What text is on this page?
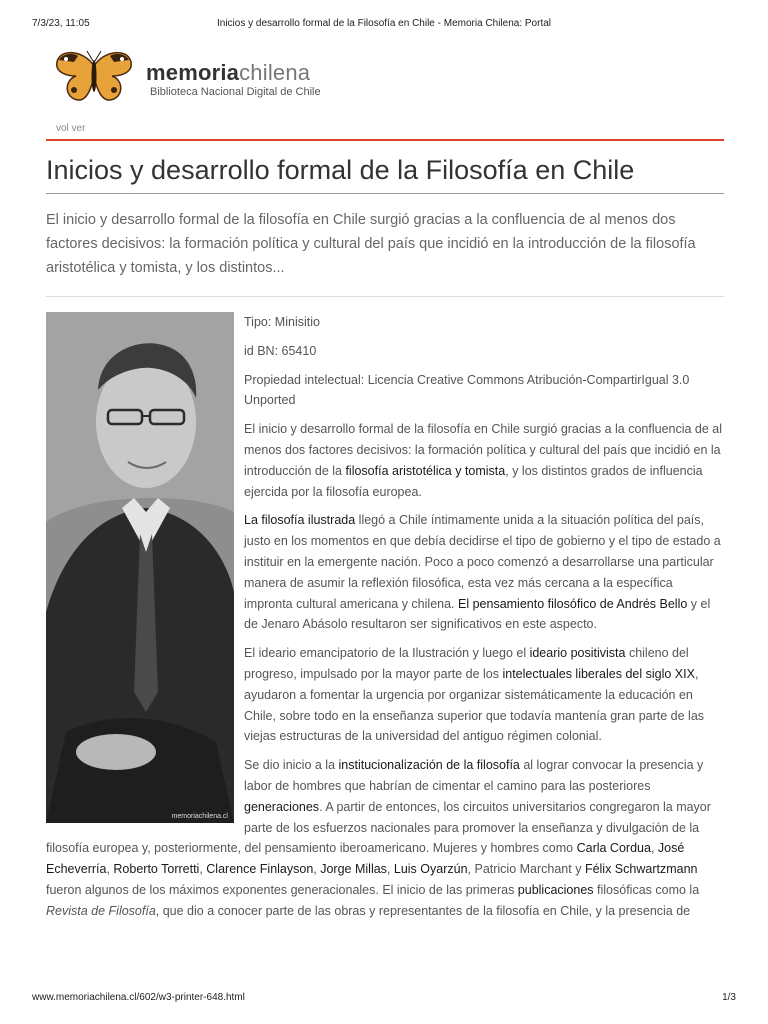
7/3/23, 11:05	Inicios y desarrollo formal de la Filosofía en Chile - Memoria Chilena: Portal
memoriachilena
Biblioteca Nacional Digital de Chile
vol ver
Inicios y desarrollo formal de la Filosofía en Chile

El inicio y desarrollo formal de la filosofía en Chile surgió gracias a la confluencia de al menos dos factores decisivos: la formación política y cultural del país que incidió en la introducción de la filosofía aristotélica y tomista, y los distintos...

memoriachilena.cl

Tipo: Minisitio

id BN: 65410

Propiedad intelectual: Licencia Creative Commons Atribución-CompartirIgual 3.0 Unported

El inicio y desarrollo formal de la filosofía en Chile surgió gracias a la confluencia de al menos dos factores decisivos: la formación política y cultural del país que incidió en la introducción de la filosofía aristotélica y tomista, y los distintos grados de influencia ejercida por la filosofía europea.

La filosofía ilustrada llegó a Chile íntimamente unida a la situación política del país, justo en los momentos en que debía decidirse el tipo de gobierno y el tipo de estado a instituir en la emergente nación. Poco a poco comenzó a desarrollarse una particular manera de asumir la reflexión filosófica, esta vez más cercana a la específica impronta cultural americana y chilena. El pensamiento filosófico de Andrés Bello y el de Jenaro Abásolo resultaron ser significativos en este aspecto.

El ideario emancipatorio de la Ilustración y luego el ideario positivista chileno del progreso, impulsado por la mayor parte de los intelectuales liberales del siglo XIX, ayudaron a fomentar la urgencia por organizar sistemáticamente la educación en Chile, sobre todo en la enseñanza superior que todavía mantenía gran parte de las viejas estructuras de la universidad del antiguo régimen colonial.

Se dio inicio a la institucionalización de la filosofía al lograr convocar la presencia y labor de hombres que habrían de cimentar el camino para las posteriores generaciones. A partir de entonces, los circuitos universitarios congregaron la mayor parte de los esfuerzos nacionales para promover la enseñanza y divulgación de la filosofía europea y, posteriormente, del pensamiento iberoamericano. Mujeres y hombres como Carla Cordua, José Echeverría, Roberto Torretti, Clarence Finlayson, Jorge Millas, Luis Oyarzún, Patricio Marchant y Félix Schwartzmann fueron algunos de los máximos exponentes generacionales. El inicio de las primeras publicaciones filosóficas como la Revista de Filosofía, que dio a conocer parte de las obras y representantes de la filosofía en Chile, y la presencia de

www.memoriachilena.cl/602/w3-printer-648.html	1/3
